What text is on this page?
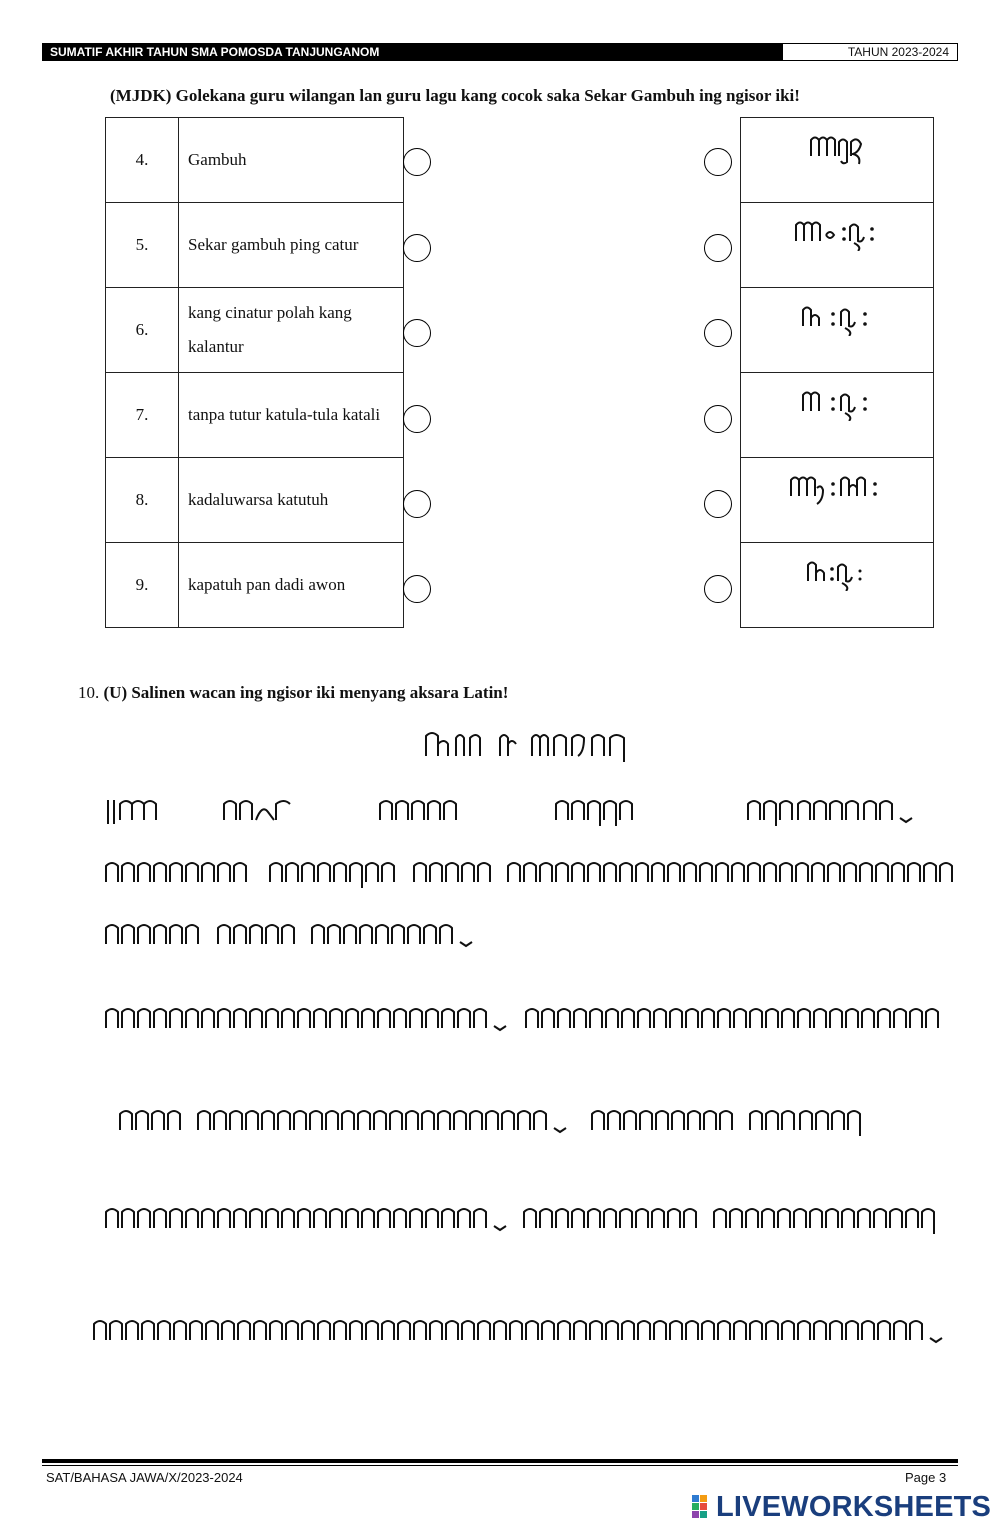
SUMATIF AKHIR TAHUN SMA POMOSDA TANJUNGANOM	TAHUN 2023-2024
(MJDK) Golekana guru wilangan lan guru lagu kang cocok saka Sekar Gambuh ing ngisor iki!
4.	Gambuh
5.	Sekar gambuh ping catur
6.	kang cinatur polah kang kalantur
7.	tanpa tutur katula-tula katali
8.	kadaluwarsa katutuh
9.	kapatuh pan dadi awon

10. (U) Salinen wacan ing ngisor iki menyang aksara Latin!
SAT/BAHASA JAWA/X/2023-2024	Page 3
LIVEWORKSHEETS
